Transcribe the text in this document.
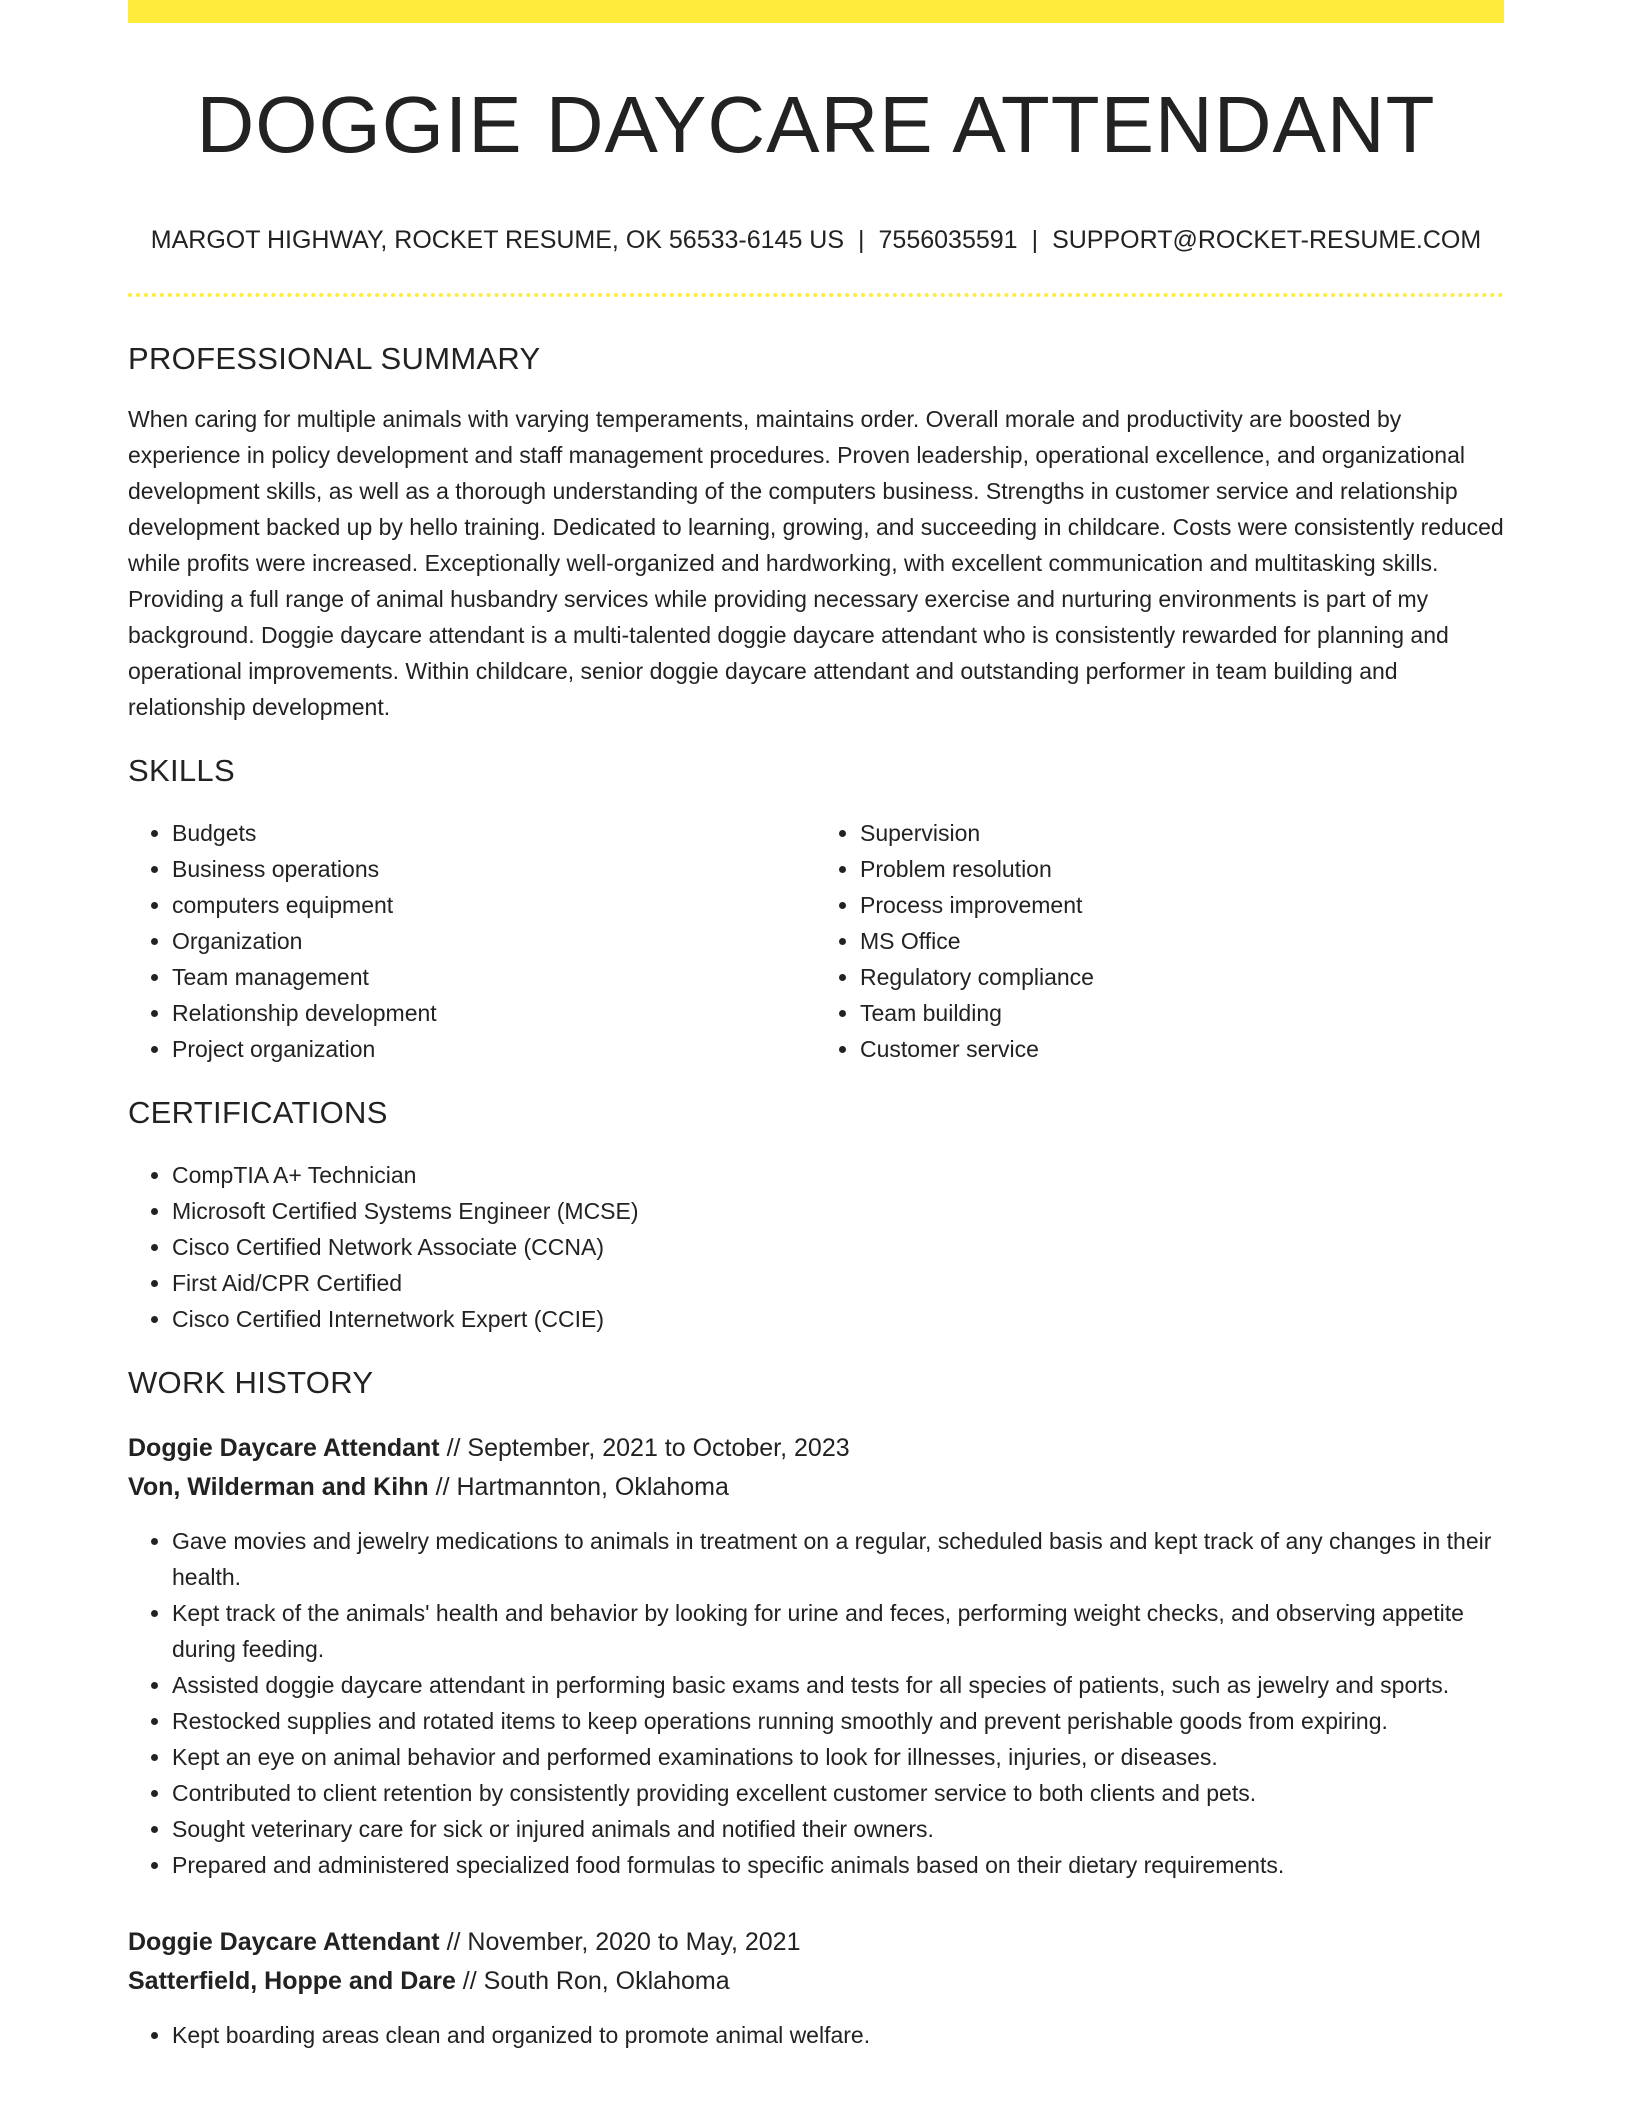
DOGGIE DAYCARE ATTENDANT
MARGOT HIGHWAY, ROCKET RESUME, OK 56533-6145 US | 7556035591 | SUPPORT@ROCKET-RESUME.COM
PROFESSIONAL SUMMARY

When caring for multiple animals with varying temperaments, maintains order. Overall morale and productivity are boosted by experience in policy development and staff management procedures. Proven leadership, operational excellence, and organizational development skills, as well as a thorough understanding of the computers business. Strengths in customer service and relationship development backed up by hello training. Dedicated to learning, growing, and succeeding in childcare. Costs were consistently reduced while profits were increased. Exceptionally well-organized and hardworking, with excellent communication and multitasking skills. Providing a full range of animal husbandry services while providing necessary exercise and nurturing environments is part of my background. Doggie daycare attendant is a multi-talented doggie daycare attendant who is consistently rewarded for planning and operational improvements. Within childcare, senior doggie daycare attendant and outstanding performer in team building and relationship development.

SKILLS
• Budgets
• Business operations
• computers equipment
• Organization
• Team management
• Relationship development
• Project organization
• Supervision
• Problem resolution
• Process improvement
• MS Office
• Regulatory compliance
• Team building
• Customer service
CERTIFICATIONS
• CompTIA A+ Technician
• Microsoft Certified Systems Engineer (MCSE)
• Cisco Certified Network Associate (CCNA)
• First Aid/CPR Certified
• Cisco Certified Internetwork Expert (CCIE)
WORK HISTORY
Doggie Daycare Attendant // September, 2021 to October, 2023
Von, Wilderman and Kihn // Hartmannton, Oklahoma
• Gave movies and jewelry medications to animals in treatment on a regular, scheduled basis and kept track of any changes in their health.
• Kept track of the animals' health and behavior by looking for urine and feces, performing weight checks, and observing appetite during feeding.
• Assisted doggie daycare attendant in performing basic exams and tests for all species of patients, such as jewelry and sports.
• Restocked supplies and rotated items to keep operations running smoothly and prevent perishable goods from expiring.
• Kept an eye on animal behavior and performed examinations to look for illnesses, injuries, or diseases.
• Contributed to client retention by consistently providing excellent customer service to both clients and pets.
• Sought veterinary care for sick or injured animals and notified their owners.
• Prepared and administered specialized food formulas to specific animals based on their dietary requirements.
Doggie Daycare Attendant // November, 2020 to May, 2021
Satterfield, Hoppe and Dare // South Ron, Oklahoma
• Kept boarding areas clean and organized to promote animal welfare.
